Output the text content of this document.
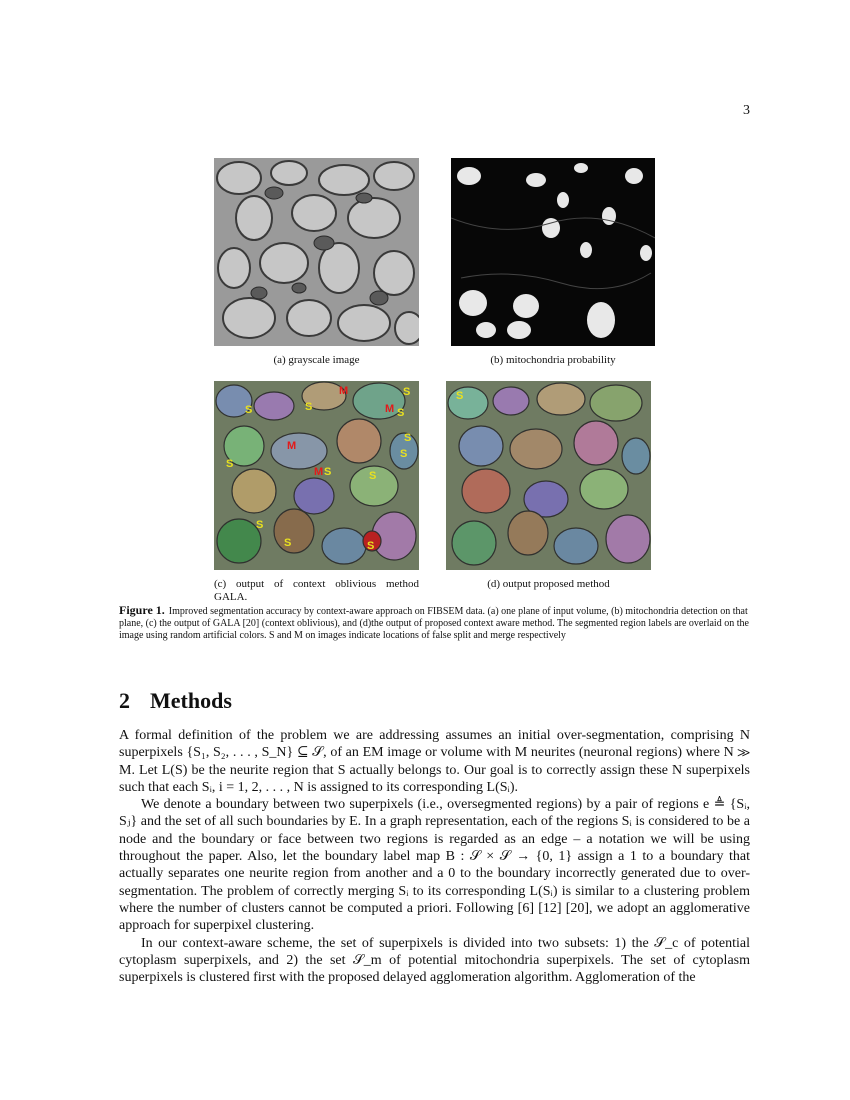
3
(a) grayscale image	(b) mitochondria probability
S	S
S
S
S
S
S
S
S
S	S
M
M
M
M S
S
(c) output of context oblivious method GALA.
(d) output proposed method
Figure 1. Improved segmentation accuracy by context-aware approach on FIBSEM data. (a) one plane of input volume, (b) mitochondria detection on that plane, (c) the output of GALA [20] (context oblivious), and (d)the output of proposed context aware method. The segmented region labels are overlaid on the image using random artificial colors. S and M on images indicate locations of false split and merge respectively
2 Methods

A formal definition of the problem we are addressing assumes an initial over-segmentation, comprising N superpixels {S₁, S₂, . . . , S_N} ⊆ 𝒮, of an EM image or volume with M neurites (neuronal regions) where N ≫ M. Let L(S) be the neurite region that S actually belongs to. Our goal is to correctly assign these N superpixels such that each Sᵢ, i = 1, 2, . . . , N is assigned to its corresponding L(Sᵢ).

We denote a boundary between two superpixels (i.e., oversegmented regions) by a pair of regions e ≜ {Sᵢ, Sⱼ} and the set of all such boundaries by E. In a graph representation, each of the regions Sᵢ is considered to be a node and the boundary or face between two regions is regarded as an edge – a notation we will be using throughout the paper. Also, let the boundary label map B : 𝒮 × 𝒮 → {0, 1} assign a 1 to a boundary that actually separates one neurite region from another and a 0 to the boundary incorrectly generated due to over-segmentation. The problem of correctly merging Sᵢ to its corresponding L(Sᵢ) is similar to a clustering problem where the number of clusters cannot be computed a priori. Following [6] [12] [20], we adopt an agglomerative approach for superpixel clustering.

In our context-aware scheme, the set of superpixels is divided into two subsets: 1) the 𝒮_c of potential cytoplasm superpixels, and 2) the set 𝒮_m of potential mitochondria superpixels. The set of cytoplasm superpixels is clustered first with the proposed delayed agglomeration algorithm. Agglomeration of the
